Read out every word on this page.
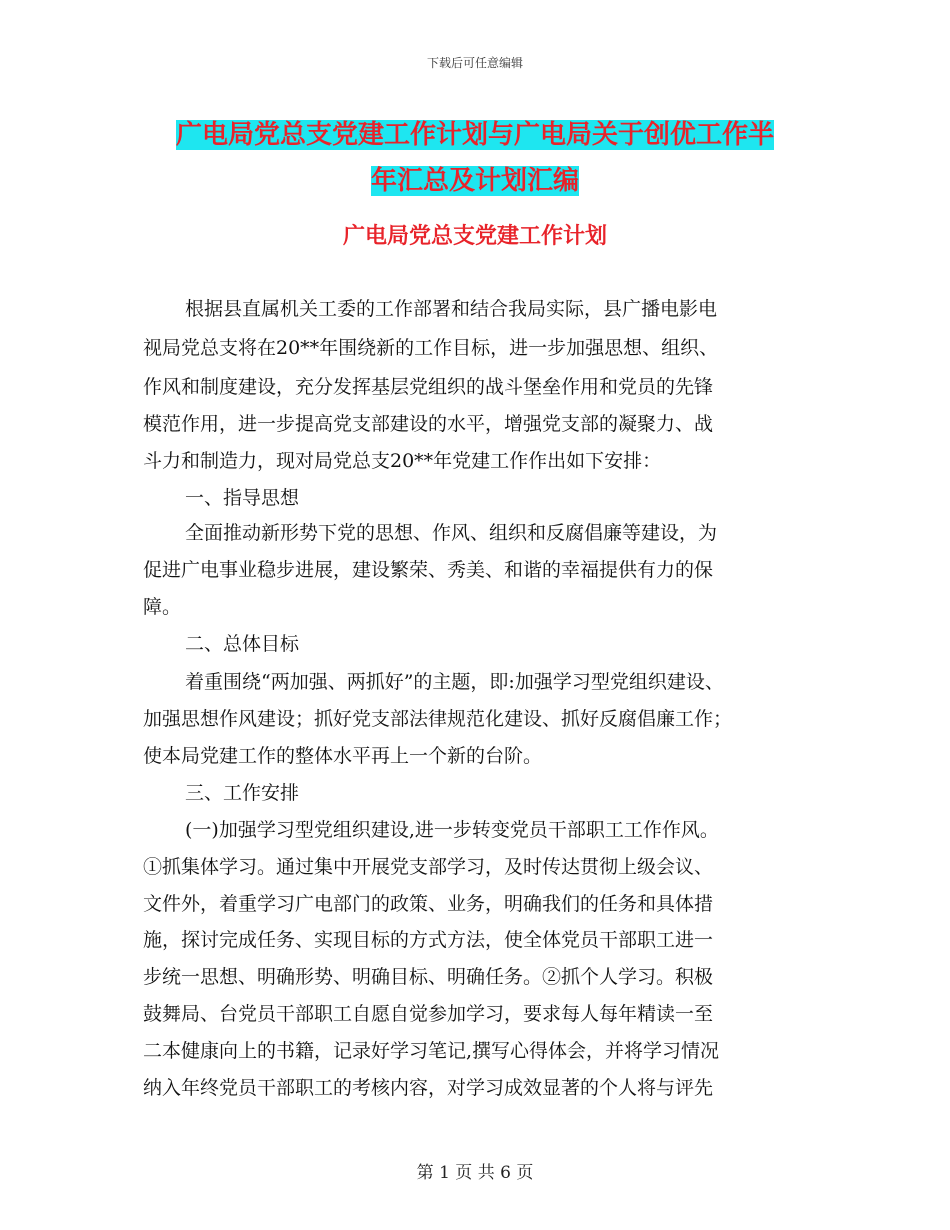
下载后可任意编辑
广电局党总支党建工作计划与广电局关于创优工作半
年汇总及计划汇编
广电局党总支党建工作计划
根据县直属机关工委的工作部署和结合我局实际，县广播电影电
视局党总支将在20**年围绕新的工作目标，进一步加强思想、组织、
作风和制度建设，充分发挥基层党组织的战斗堡垒作用和党员的先锋
模范作用，进一步提高党支部建设的水平，增强党支部的凝聚力、战
斗力和制造力，现对局党总支20**年党建工作作出如下安排：
一、指导思想
全面推动新形势下党的思想、作风、组织和反腐倡廉等建设，为
促进广电事业稳步进展，建设繁荣、秀美、和谐的幸福提供有力的保
障。
二、总体目标
着重围绕“两加强、两抓好”的主题，即:加强学习型党组织建设、
加强思想作风建设；抓好党支部法律规范化建设、抓好反腐倡廉工作；
使本局党建工作的整体水平再上一个新的台阶。
三、工作安排
(一)加强学习型党组织建设,进一步转变党员干部职工工作作风。
①抓集体学习。通过集中开展党支部学习，及时传达贯彻上级会议、
文件外，着重学习广电部门的政策、业务，明确我们的任务和具体措
施，探讨完成任务、实现目标的方式方法，使全体党员干部职工进一
步统一思想、明确形势、明确目标、明确任务。②抓个人学习。积极
鼓舞局、台党员干部职工自愿自觉参加学习，要求每人每年精读一至
二本健康向上的书籍，记录好学习笔记,撰写心得体会，并将学习情况
纳入年终党员干部职工的考核内容，对学习成效显著的个人将与评先
第 1 页 共 6 页
